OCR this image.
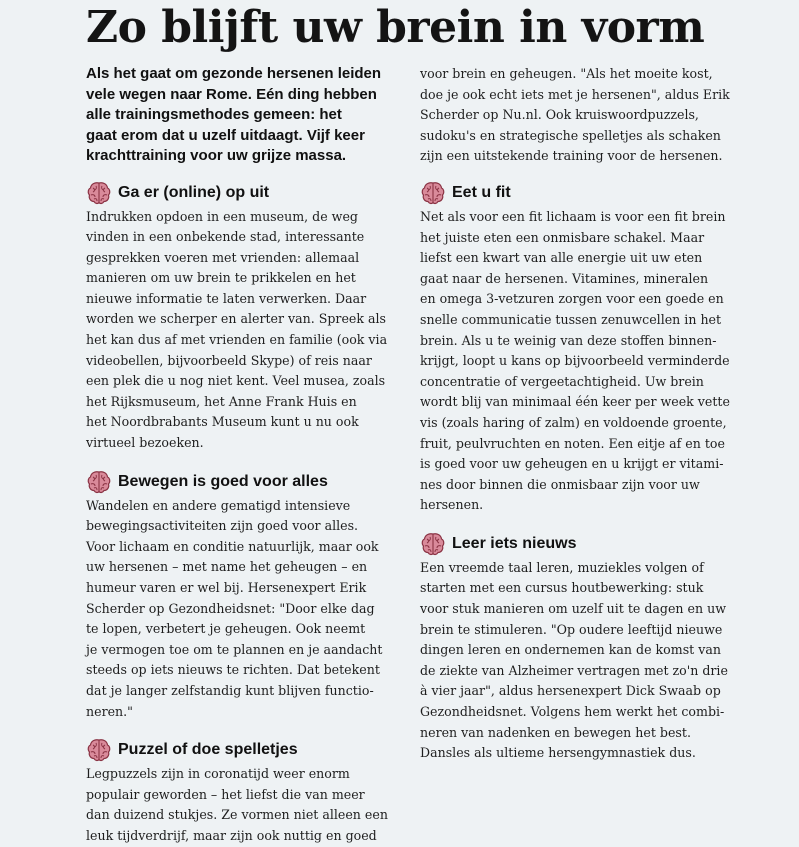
Zo blijft uw brein in vorm
Als het gaat om gezonde hersenen leiden
vele wegen naar Rome. Eén ding hebben
alle trainingsmethodes gemeen: het
gaat erom dat u uzelf uitdaagt. Vijf keer
krachttraining voor uw grijze massa.
Ga er (online) op uit
Indrukken opdoen in een museum, de weg
vinden in een onbekende stad, interessante
gesprekken voeren met vrienden: allemaal
manieren om uw brein te prikkelen en het
nieuwe informatie te laten verwerken. Daar
worden we scherper en alerter van. Spreek als
het kan dus af met vrienden en familie (ook via
videobellen, bijvoorbeeld Skype) of reis naar
een plek die u nog niet kent. Veel musea, zoals
het Rijksmuseum, het Anne Frank Huis en
het Noordbrabants Museum kunt u nu ook
virtueel bezoeken.
Bewegen is goed voor alles
Wandelen en andere gematigd intensieve
bewegingsactiviteiten zijn goed voor alles.
Voor lichaam en conditie natuurlijk, maar ook
uw hersenen – met name het geheugen – en
humeur varen er wel bij. Hersenexpert Erik
Scherder op Gezondheidsnet: "Door elke dag
te lopen, verbetert je geheugen. Ook neemt
je vermogen toe om te plannen en je aandacht
steeds op iets nieuws te richten. Dat betekent
dat je langer zelfstandig kunt blijven functio-
neren."
Puzzel of doe spelletjes
Legpuzzels zijn in coronatijd weer enorm
populair geworden – het liefst die van meer
dan duizend stukjes. Ze vormen niet alleen een
leuk tijdverdrijf, maar zijn ook nuttig en goed
voor brein en geheugen. "Als het moeite kost,
doe je ook echt iets met je hersenen", aldus Erik
Scherder op Nu.nl. Ook kruiswoordpuzzels,
sudoku's en strategische spelletjes als schaken
zijn een uitstekende training voor de hersenen.
Eet u fit
Net als voor een fit lichaam is voor een fit brein
het juiste eten een onmisbare schakel. Maar
liefst een kwart van alle energie uit uw eten
gaat naar de hersenen. Vitamines, mineralen
en omega 3-vetzuren zorgen voor een goede en
snelle communicatie tussen zenuwcellen in het
brein. Als u te weinig van deze stoffen binnen-
krijgt, loopt u kans op bijvoorbeeld verminderde
concentratie of vergeetachtigheid. Uw brein
wordt blij van minimaal één keer per week vette
vis (zoals haring of zalm) en voldoende groente,
fruit, peulvruchten en noten. Een eitje af en toe
is goed voor uw geheugen en u krijgt er vitami-
nes door binnen die onmisbaar zijn voor uw
hersenen.
Leer iets nieuws
Een vreemde taal leren, muziekles volgen of
starten met een cursus houtbewerking: stuk
voor stuk manieren om uzelf uit te dagen en uw
brein te stimuleren. "Op oudere leeftijd nieuwe
dingen leren en ondernemen kan de komst van
de ziekte van Alzheimer vertragen met zo'n drie
à vier jaar", aldus hersenexpert Dick Swaab op
Gezondheidsnet. Volgens hem werkt het combi-
neren van nadenken en bewegen het best.
Dansles als ultieme hersengymnastiek dus.
